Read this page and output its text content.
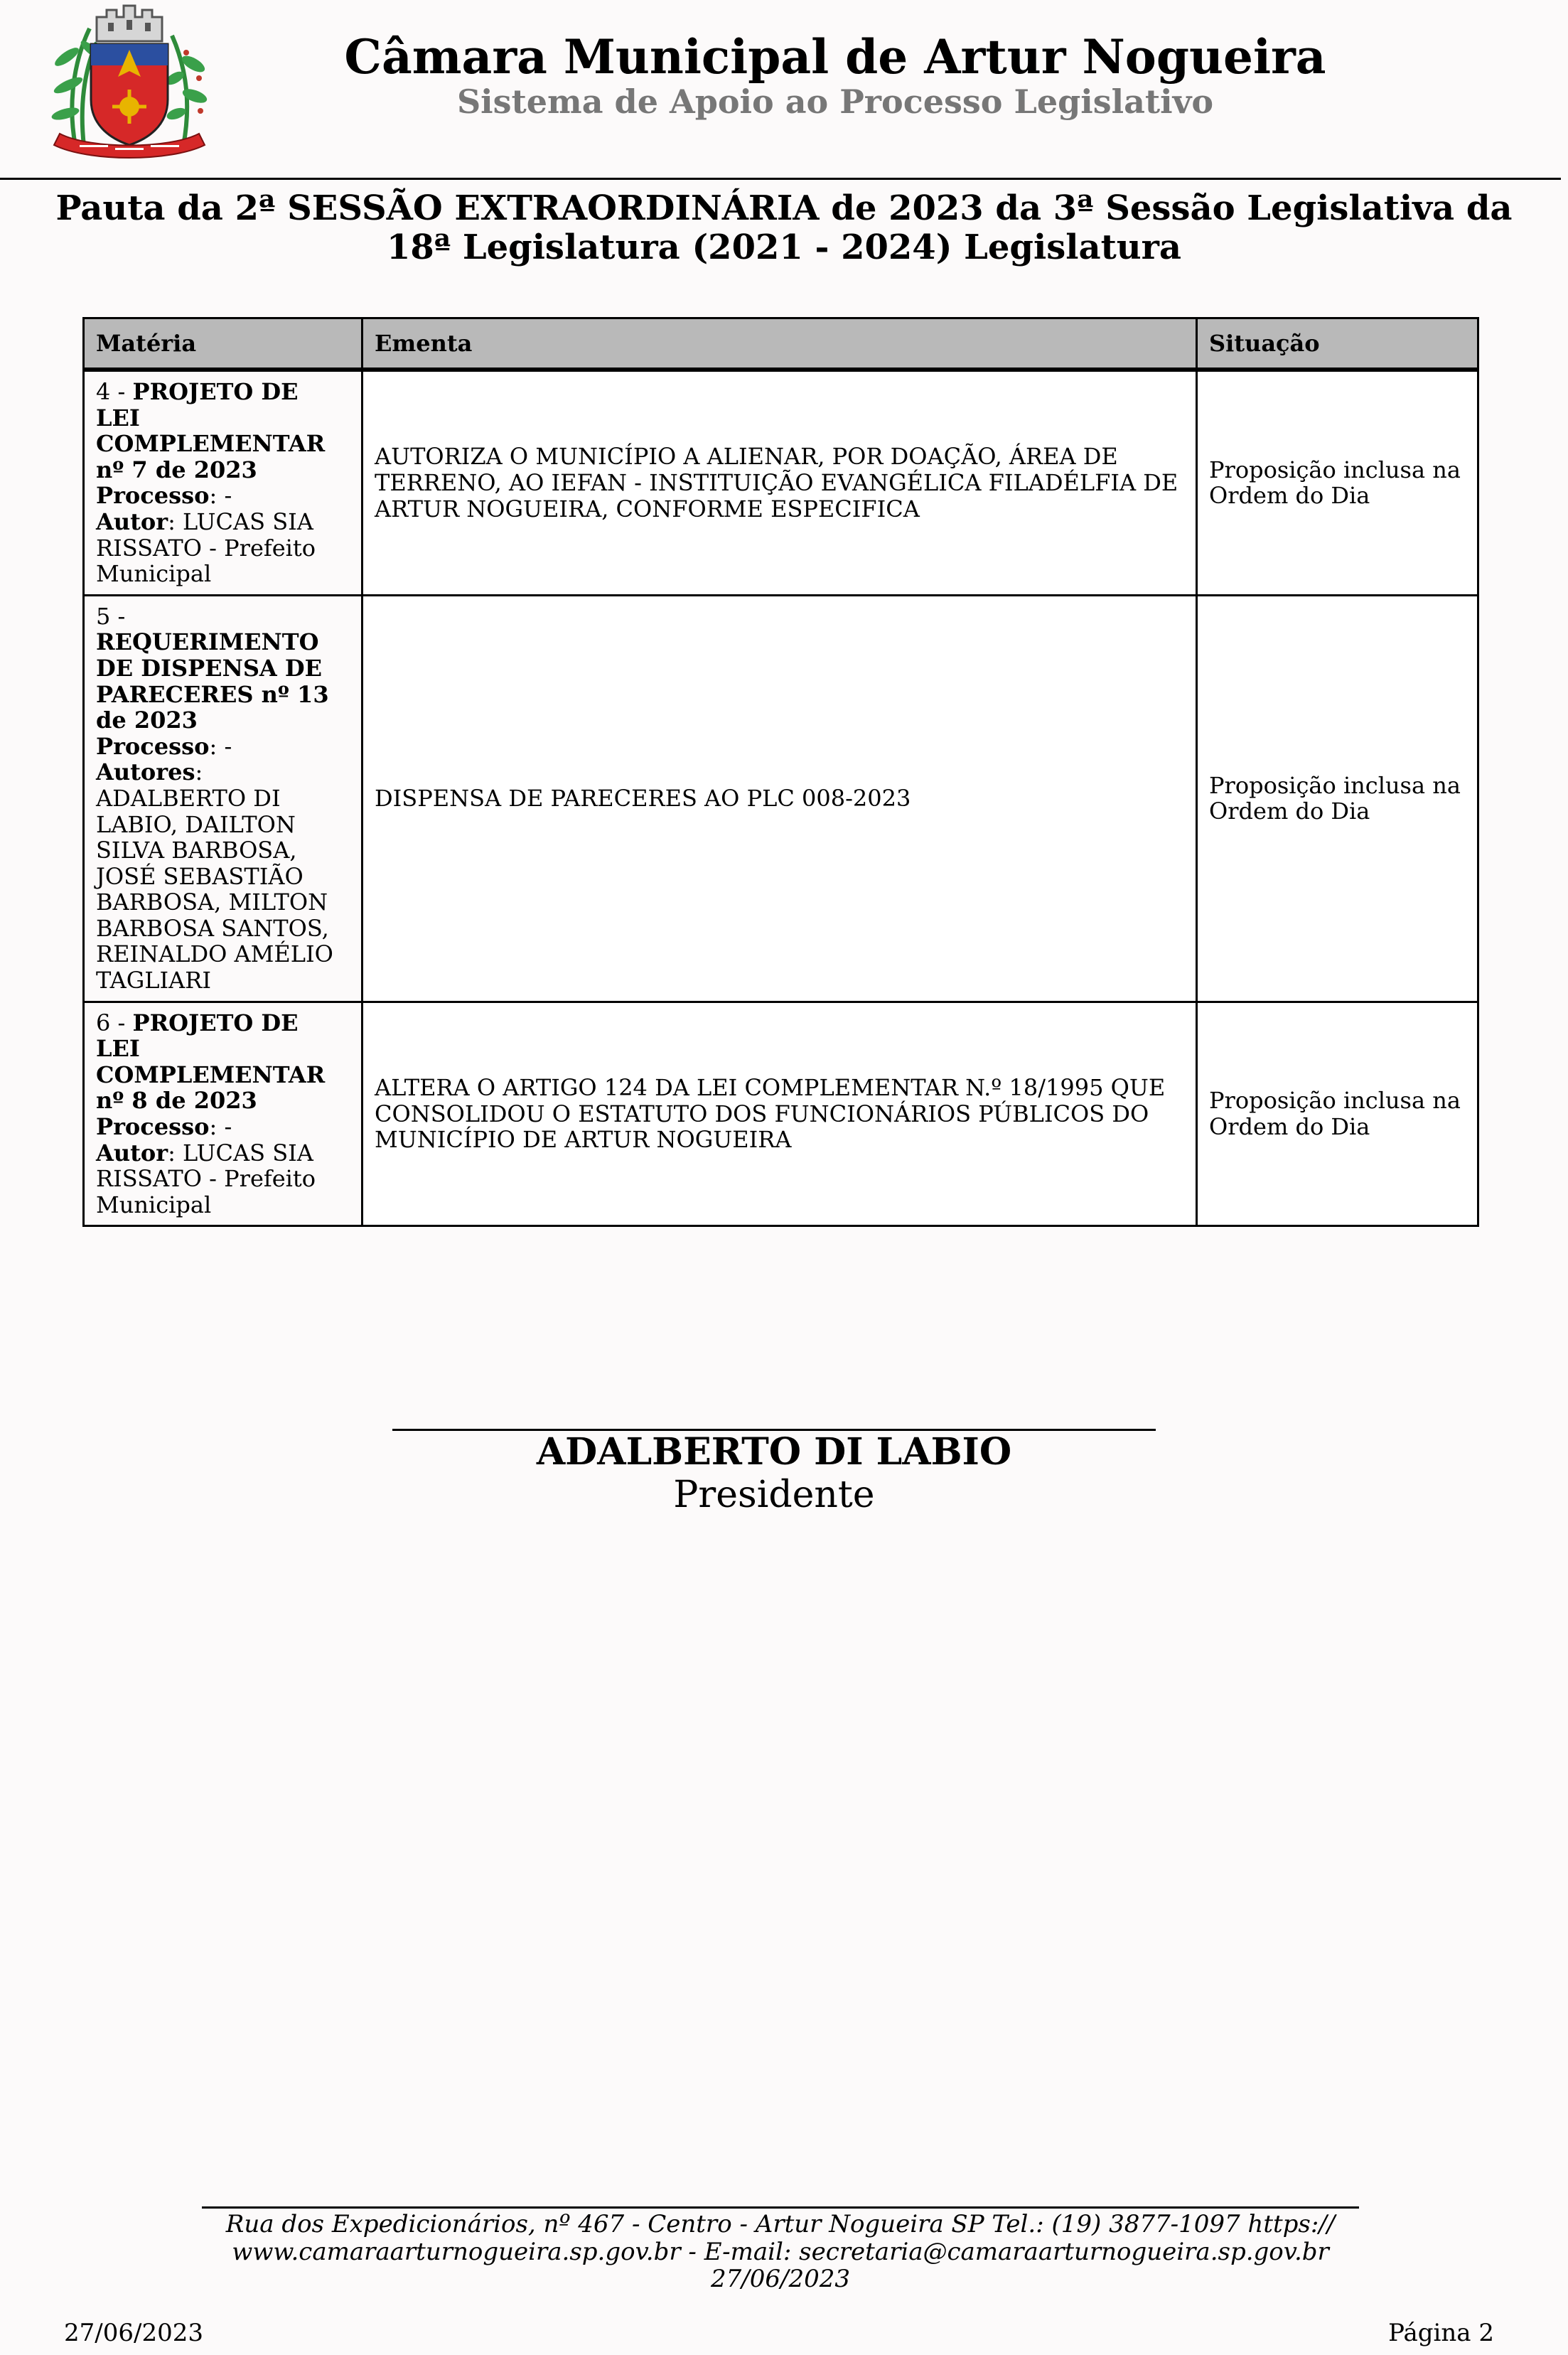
Câmara Municipal de Artur Nogueira
Sistema de Apoio ao Processo Legislativo
Pauta da 2ª SESSÃO EXTRAORDINÁRIA de 2023 da 3ª Sessão Legislativa da 18ª Legislatura (2021 - 2024) Legislatura
Matéria	Ementa	Situação
4 - PROJETO DE LEI COMPLEMENTAR nº 7 de 2023
Processo: -
Autor: LUCAS SIA RISSATO - Prefeito Municipal	AUTORIZA O MUNICÍPIO A ALIENAR, POR DOAÇÃO, ÁREA DE TERRENO, AO IEFAN - INSTITUIÇÃO EVANGÉLICA FILADÉLFIA DE ARTUR NOGUEIRA, CONFORME ESPECIFICA	Proposição inclusa na Ordem do Dia
5 - REQUERIMENTO DE DISPENSA DE PARECERES nº 13 de 2023
Processo: -
Autores: ADALBERTO DI LABIO, DAILTON SILVA BARBOSA, JOSÉ SEBASTIÃO BARBOSA, MILTON BARBOSA SANTOS, REINALDO AMÉLIO TAGLIARI	DISPENSA DE PARECERES AO PLC 008-2023	Proposição inclusa na Ordem do Dia
6 - PROJETO DE LEI COMPLEMENTAR nº 8 de 2023
Processo: -
Autor: LUCAS SIA RISSATO - Prefeito Municipal	ALTERA O ARTIGO 124 DA LEI COMPLEMENTAR N.º 18/1995 QUE CONSOLIDOU O ESTATUTO DOS FUNCIONÁRIOS PÚBLICOS DO MUNICÍPIO DE ARTUR NOGUEIRA	Proposição inclusa na Ordem do Dia
ADALBERTO DI LABIO
Presidente
Rua dos Expedicionários, nº 467 - Centro - Artur Nogueira SP Tel.: (19) 3877-1097 https:// www.camaraarturnogueira.sp.gov.br - E-mail: secretaria@camaraarturnogueira.sp.gov.br 27/06/2023
27/06/2023	Página 2
